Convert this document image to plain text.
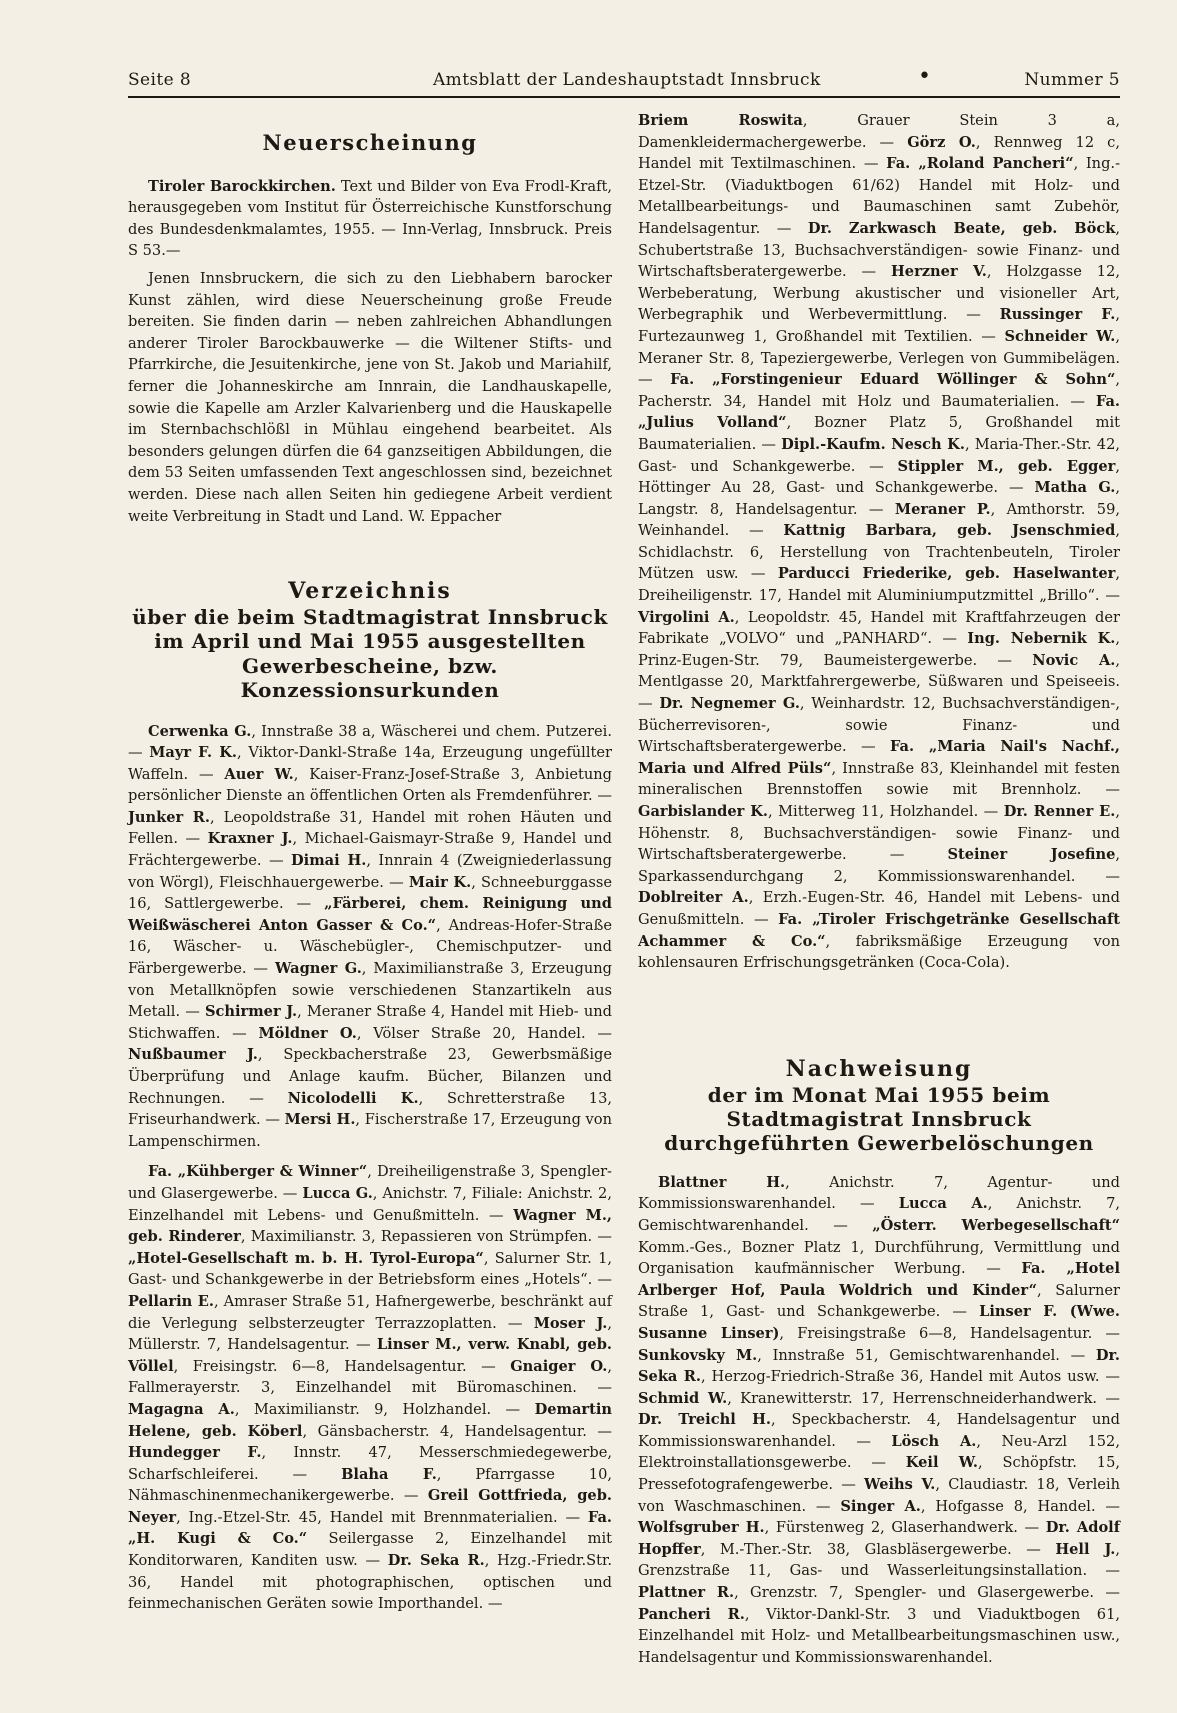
Seite 8	Amtsblatt der Landeshauptstadt Innsbruck	•	Nummer 5
Neuerscheinung

Tiroler Barockkirchen. Text und Bilder von Eva Frodl-Kraft, herausgegeben vom Institut für Österreichische Kunstforschung des Bundesdenkmalamtes, 1955. — Inn-Verlag, Innsbruck. Preis S 53.—

Jenen Innsbruckern, die sich zu den Liebhabern barocker Kunst zählen, wird diese Neuerscheinung große Freude bereiten. Sie finden darin — neben zahlreichen Abhandlungen anderer Tiroler Barockbauwerke — die Wiltener Stifts- und Pfarrkirche, die Jesuitenkirche, jene von St. Jakob und Mariahilf, ferner die Johanneskirche am Innrain, die Landhauskapelle, sowie die Kapelle am Arzler Kalvarienberg und die Hauskapelle im Sternbachschlößl in Mühlau eingehend bearbeitet. Als besonders gelungen dürfen die 64 ganzseitigen Abbildungen, die dem 53 Seiten umfassenden Text angeschlossen sind, bezeichnet werden. Diese nach allen Seiten hin gediegene Arbeit verdient weite Verbreitung in Stadt und Land. W. Eppacher

Verzeichnis
über die beim Stadtmagistrat Innsbruck im April und Mai 1955 ausgestellten Gewerbescheine, bzw. Konzessionsurkunden

Cerwenka G., Innstraße 38 a, Wäscherei und chem. Putzerei. — Mayr F. K., Viktor-Dankl-Straße 14a, Erzeugung ungefüllter Waffeln. — Auer W., Kaiser-Franz-Josef-Straße 3, Anbietung persönlicher Dienste an öffentlichen Orten als Fremdenführer. — Junker R., Leopoldstraße 31, Handel mit rohen Häuten und Fellen. — Kraxner J., Michael-Gaismayr-Straße 9, Handel und Frächtergewerbe. — Dimai H., Innrain 4 (Zweigniederlassung von Wörgl), Fleischhauergewerbe. — Mair K., Schneeburggasse 16, Sattlergewerbe. — „Färberei, chem. Reinigung und Weißwäscherei Anton Gasser & Co.“, Andreas-Hofer-Straße 16, Wäscher- u. Wäschebügler-, Chemischputzer- und Färbergewerbe. — Wagner G., Maximilianstraße 3, Erzeugung von Metallknöpfen sowie verschiedenen Stanzartikeln aus Metall. — Schirmer J., Meraner Straße 4, Handel mit Hieb- und Stichwaffen. — Möldner O., Völser Straße 20, Handel. — Nußbaumer J., Speckbacherstraße 23, Gewerbsmäßige Überprüfung und Anlage kaufm. Bücher, Bilanzen und Rechnungen. — Nicolodelli K., Schretterstraße 13, Friseurhandwerk. — Mersi H., Fischerstraße 17, Erzeugung von Lampenschirmen.

Fa. „Kühberger & Winner“, Dreiheiligenstraße 3, Spengler- und Glasergewerbe. — Lucca G., Anichstr. 7, Filiale: Anichstr. 2, Einzelhandel mit Lebens- und Genußmitteln. — Wagner M., geb. Rinderer, Maximilianstr. 3, Repassieren von Strümpfen. — „Hotel-Gesellschaft m. b. H. Tyrol-Europa“, Salurner Str. 1, Gast- und Schankgewerbe in der Betriebsform eines „Hotels“. — Pellarin E., Amraser Straße 51, Hafnergewerbe, beschränkt auf die Verlegung selbsterzeugter Terrazzoplatten. — Moser J., Müllerstr. 7, Handelsagentur. — Linser M., verw. Knabl, geb. Völlel, Freisingstr. 6—8, Handelsagentur. — Gnaiger O., Fallmerayerstr. 3, Einzelhandel mit Büromaschinen. — Magagna A., Maximilianstr. 9, Holzhandel. — Demartin Helene, geb. Köberl, Gänsbacherstr. 4, Handelsagentur. — Hundegger F., Innstr. 47, Messerschmiedegewerbe, Scharfschleiferei. — Blaha F., Pfarrgasse 10, Nähmaschinenmechanikergewerbe. — Greil Gottfrieda, geb. Neyer, Ing.-Etzel-Str. 45, Handel mit Brennmaterialien. — Fa. „H. Kugi & Co.“ Seilergasse 2, Einzelhandel mit Konditorwaren, Kanditen usw. — Dr. Seka R., Hzg.-Friedr.Str. 36, Handel mit photographischen, optischen und feinmechanischen Geräten sowie Importhandel. —

Briem Roswita, Grauer Stein 3 a, Damenkleidermachergewerbe. — Görz O., Rennweg 12 c, Handel mit Textilmaschinen. — Fa. „Roland Pancheri“, Ing.-Etzel-Str. (Viaduktbogen 61/62) Handel mit Holz- und Metallbearbeitungs- und Baumaschinen samt Zubehör, Handelsagentur. — Dr. Zarkwasch Beate, geb. Böck, Schubertstraße 13, Buchsachverständigen- sowie Finanz- und Wirtschaftsberatergewerbe. — Herzner V., Holzgasse 12, Werbeberatung, Werbung akustischer und visioneller Art, Werbegraphik und Werbevermittlung. — Russinger F., Furtezaunweg 1, Großhandel mit Textilien. — Schneider W., Meraner Str. 8, Tapeziergewerbe, Verlegen von Gummibelägen. — Fa. „Forstingenieur Eduard Wöllinger & Sohn“, Pacherstr. 34, Handel mit Holz und Baumaterialien. — Fa. „Julius Volland“, Bozner Platz 5, Großhandel mit Baumaterialien. — Dipl.-Kaufm. Nesch K., Maria-Ther.-Str. 42, Gast- und Schankgewerbe. — Stippler M., geb. Egger, Höttinger Au 28, Gast- und Schankgewerbe. — Matha G., Langstr. 8, Handelsagentur. — Meraner P., Amthorstr. 59, Weinhandel. — Kattnig Barbara, geb. Jsenschmied, Schidlachstr. 6, Herstellung von Trachtenbeuteln, Tiroler Mützen usw. — Parducci Friederike, geb. Haselwanter, Dreiheiligenstr. 17, Handel mit Aluminiumputzmittel „Brillo“. — Virgolini A., Leopoldstr. 45, Handel mit Kraftfahrzeugen der Fabrikate „VOLVO“ und „PANHARD“. — Ing. Nebernik K., Prinz-Eugen-Str. 79, Baumeistergewerbe. — Novic A., Mentlgasse 20, Marktfahrergewerbe, Süßwaren und Speiseeis. — Dr. Negnemer G., Weinhardstr. 12, Buchsachverständigen-, Bücherrevisoren-, sowie Finanz- und Wirtschaftsberatergewerbe. — Fa. „Maria Nail's Nachf., Maria und Alfred Püls“, Innstraße 83, Kleinhandel mit festen mineralischen Brennstoffen sowie mit Brennholz. — Garbislander K., Mitterweg 11, Holzhandel. — Dr. Renner E., Höhenstr. 8, Buchsachverständigen- sowie Finanz- und Wirtschaftsberatergewerbe. — Steiner Josefine, Sparkassendurchgang 2, Kommissionswarenhandel. — Doblreiter A., Erzh.-Eugen-Str. 46, Handel mit Lebens- und Genußmitteln. — Fa. „Tiroler Frischgetränke Gesellschaft Achammer & Co.“, fabriksmäßige Erzeugung von kohlensauren Erfrischungsgetränken (Coca-Cola).

Nachweisung
der im Monat Mai 1955 beim Stadtmagistrat Innsbruck durchgeführten Gewerbelöschungen

Blattner H., Anichstr. 7, Agentur- und Kommissionswarenhandel. — Lucca A., Anichstr. 7, Gemischtwarenhandel. — „Österr. Werbegesellschaft“ Komm.-Ges., Bozner Platz 1, Durchführung, Vermittlung und Organisation kaufmännischer Werbung. — Fa. „Hotel Arlberger Hof, Paula Woldrich und Kinder“, Salurner Straße 1, Gast- und Schankgewerbe. — Linser F. (Wwe. Susanne Linser), Freisingstraße 6—8, Handelsagentur. — Sunkovsky M., Innstraße 51, Gemischtwarenhandel. — Dr. Seka R., Herzog-Friedrich-Straße 36, Handel mit Autos usw. — Schmid W., Kranewitterstr. 17, Herrenschneiderhandwerk. — Dr. Treichl H., Speckbacherstr. 4, Handelsagentur und Kommissionswarenhandel. — Lösch A., Neu-Arzl 152, Elektroinstallationsgewerbe. — Keil W., Schöpfstr. 15, Pressefotografengewerbe. — Weihs V., Claudiastr. 18, Verleih von Waschmaschinen. — Singer A., Hofgasse 8, Handel. — Wolfsgruber H., Fürstenweg 2, Glaserhandwerk. — Dr. Adolf Hopffer, M.-Ther.-Str. 38, Glasbläsergewerbe. — Hell J., Grenzstraße 11, Gas- und Wasserleitungsinstallation. — Plattner R., Grenzstr. 7, Spengler- und Glasergewerbe. — Pancheri R., Viktor-Dankl-Str. 3 und Viaduktbogen 61, Einzelhandel mit Holz- und Metallbearbeitungsmaschinen usw., Handelsagentur und Kommissionswarenhandel.
